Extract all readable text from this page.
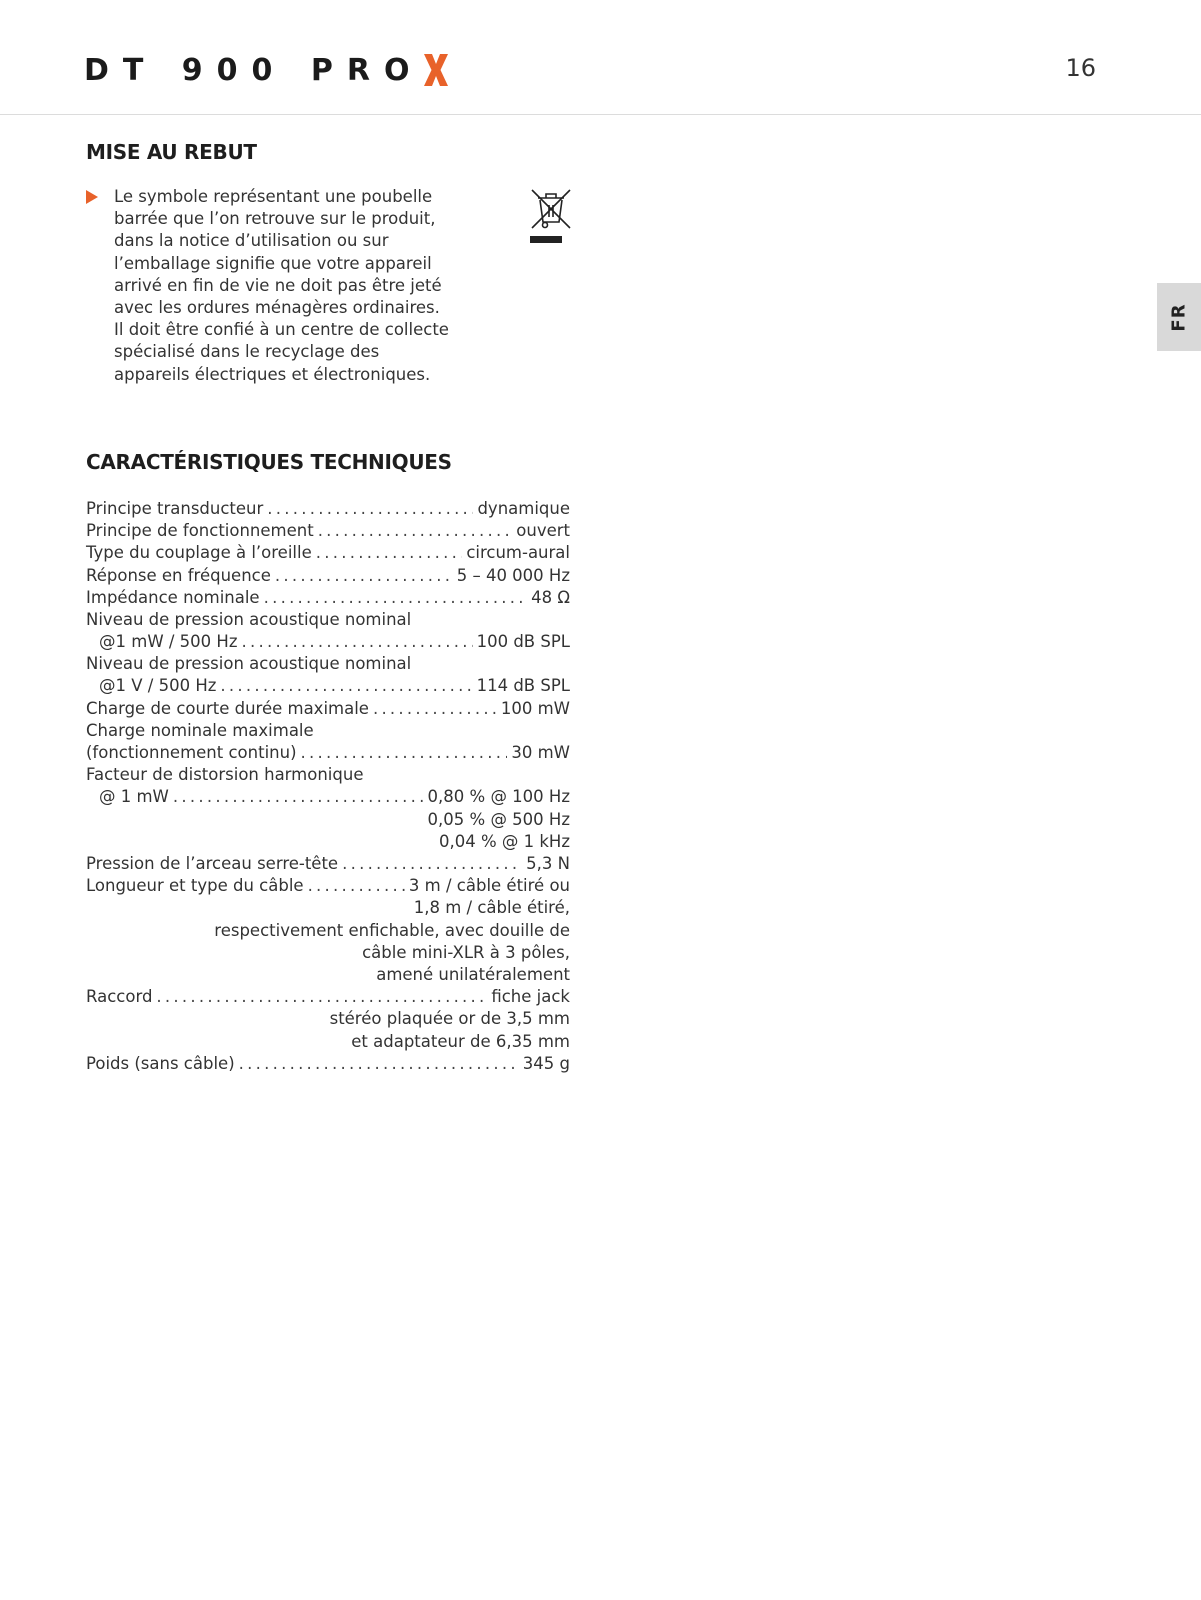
DT 900 PRO	16
FR
MISE AU REBUT

Le symbole représentant une poubelle
barrée que l’on retrouve sur le produit,
dans la notice d’utilisation ou sur
l’emballage signifie que votre appareil
arrivé en fin de vie ne doit pas être jeté
avec les ordures ménagères ordinaires.
Il doit être confié à un centre de collecte
spécialisé dans le recyclage des
appareils électriques et électroniques.

CARACTÉRISTIQUES TECHNIQUES
Principe transducteur . . .	dynamique
Principe de fonctionnement . . .	ouvert
Type du couplage à l’oreille . . .	circum-aural
Réponse en fréquence . . .	5 – 40 000 Hz
Impédance nominale . . .	48 Ω
Niveau de pression acoustique nominal
@1 mW / 500 Hz . . .	100 dB SPL
Niveau de pression acoustique nominal
@1 V / 500 Hz . . .	114 dB SPL
Charge de courte durée maximale . . .	100 mW
Charge nominale maximale
(fonctionnement continu) . . .	30 mW
Facteur de distorsion harmonique
@ 1 mW . . .	0,80 % @ 100 Hz
0,05 % @ 500 Hz
0,04 % @ 1 kHz
Pression de l’arceau serre-tête . . .	5,3 N
Longueur et type du câble . . .	3 m / câble étiré ou
1,8 m / câble étiré,
respectivement enfichable, avec douille de
câble mini-XLR à 3 pôles,
amené unilatéralement
Raccord . . .	fiche jack
stéréo plaquée or de 3,5 mm
et adaptateur de 6,35 mm
Poids (sans câble) . . .	345 g
